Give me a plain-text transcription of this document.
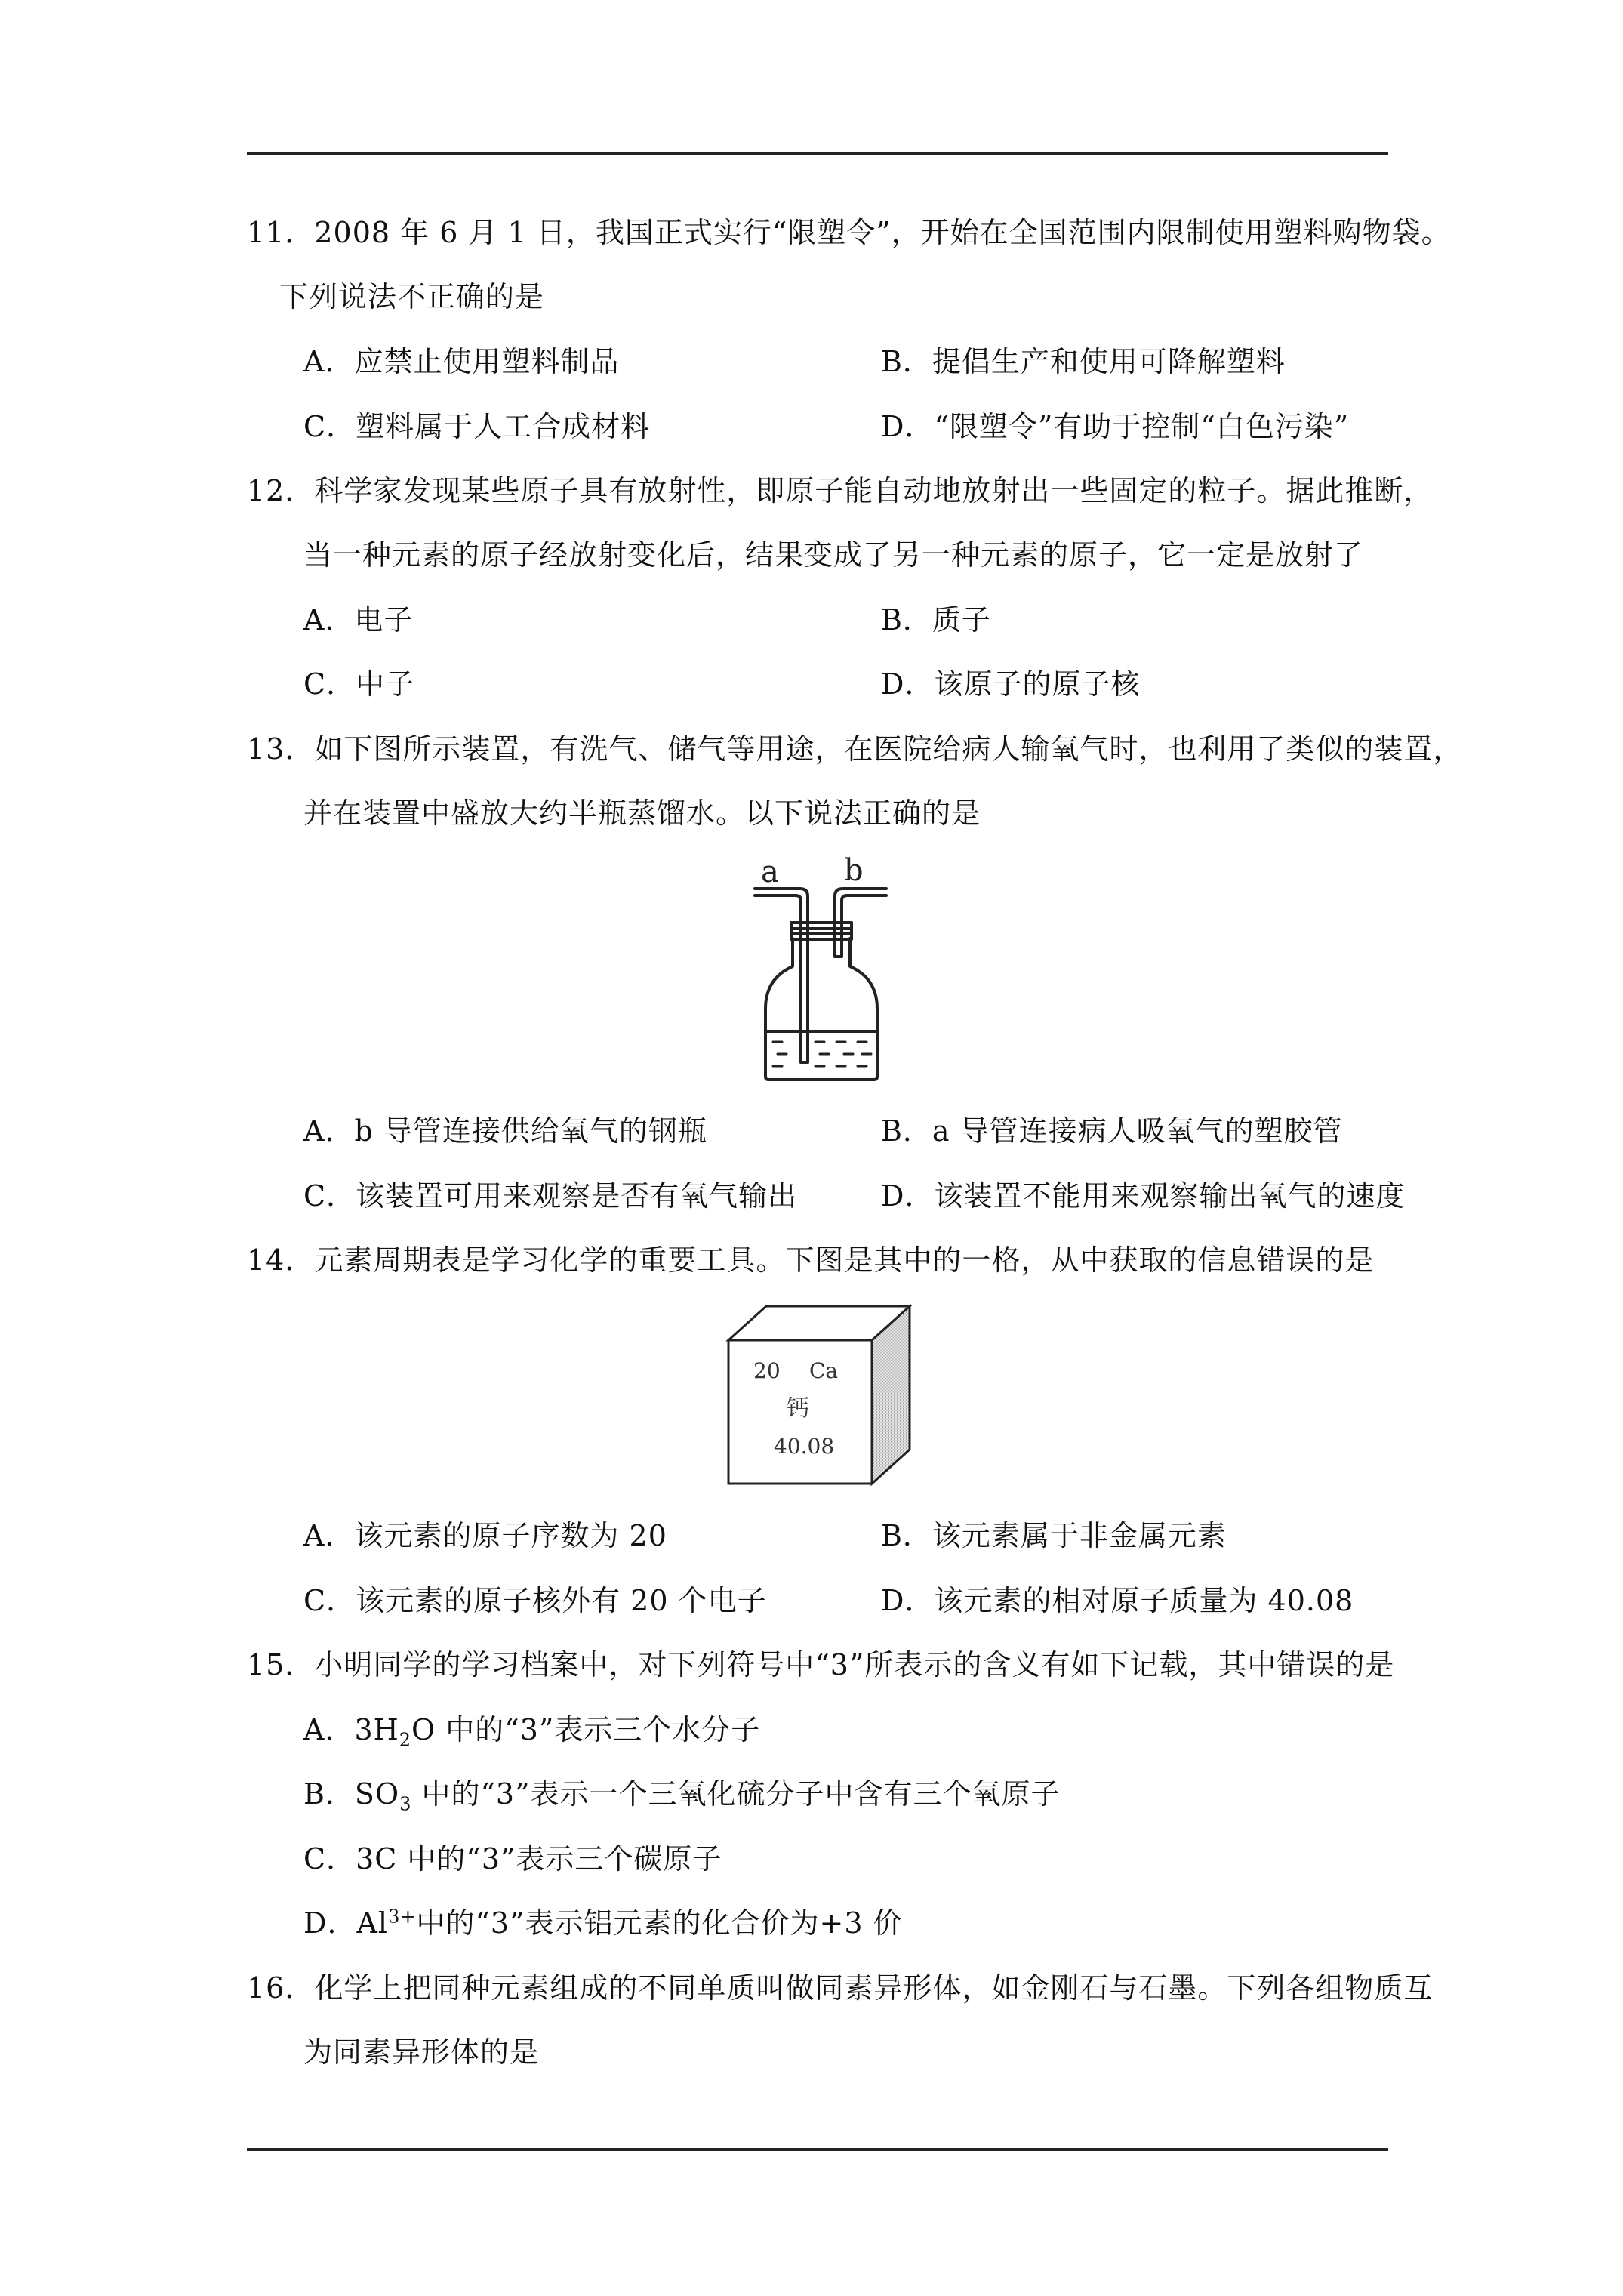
11．2008 年 6 月 1 日，我国正式实行“限塑令”，开始在全国范围内限制使用塑料购物袋。
下列说法不正确的是
A．应禁止使用塑料制品	B．提倡生产和使用可降解塑料
C．塑料属于人工合成材料	D．“限塑令”有助于控制“白色污染”
12．科学家发现某些原子具有放射性，即原子能自动地放射出一些固定的粒子。据此推断，
当一种元素的原子经放射变化后，结果变成了另一种元素的原子，它一定是放射了
A．电子	B．质子
C．中子	D．该原子的原子核
13．如下图所示装置，有洗气、储气等用途，在医院给病人输氧气时，也利用了类似的装置，
并在装置中盛放大约半瓶蒸馏水。以下说法正确的是
a b
A．b 导管连接供给氧气的钢瓶	B．a 导管连接病人吸氧气的塑胶管
C．该装置可用来观察是否有氧气输出	D．该装置不能用来观察输出氧气的速度
14．元素周期表是学习化学的重要工具。下图是其中的一格，从中获取的信息错误的是
20 Ca
钙
40.08
A．该元素的原子序数为 20	B．该元素属于非金属元素
C．该元素的原子核外有 20 个电子	D．该元素的相对原子质量为 40.08
15．小明同学的学习档案中，对下列符号中“3”所表示的含义有如下记载，其中错误的是
A．$3H_2O$ 中的“3”表示三个水分子
B．$SO_3$ 中的“3”表示一个三氧化硫分子中含有三个氧原子
C．3C 中的“3”表示三个碳原子
D．$Al^{3+}$中的“3”表示铝元素的化合价为+3 价
16．化学上把同种元素组成的不同单质叫做同素异形体，如金刚石与石墨。下列各组物质互
为同素异形体的是
